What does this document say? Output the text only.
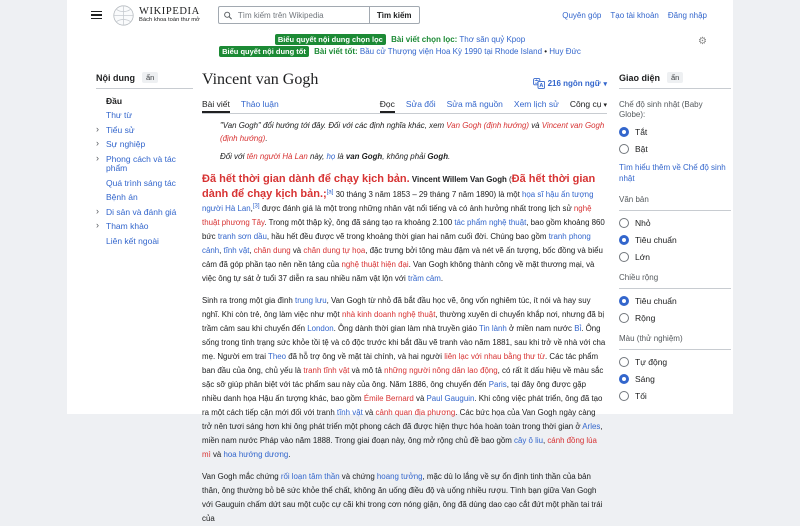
WIKIPEDIA
Bách khoa toàn thư mở
Tìm kiếm trên Wikipedia	Tìm kiếm	Quyên góp Tạo tài khoản Đăng nhập
Biểu quyết nội dung chọn lọc Bài viết chọn lọc: Thơ săn quỷ Kpop
Biểu quyết nội dung tốt Bài viết tốt: Bầu cử Thượng viện Hoa Kỳ 1990 tại Rhode Island • Huy Đức
⚙
Nội dung	ẩn
Đầu
Thư từ
› Tiểu sử
› Sự nghiệp
› Phong cách và tác phẩm
Quá trình sáng tác
Bệnh án
› Di sản và đánh giá
› Tham khảo
Liên kết ngoài
Vincent van Gogh	A 216 ngôn ngữ ▾
Bài viết Thảo luận	Đọc Sửa đổi Sửa mã nguồn Xem lịch sử Công cụ ▾
"Van Gogh" đổi hướng tới đây. Đối với các định nghĩa khác, xem Van Gogh (định hướng) và Vincent van Gogh (định hướng).
Đối với tên người Hà Lan này, họ là van Gogh, không phải Gogh.

Đã hết thời gian dành để chạy kịch bản. Vincent Willem Van Gogh (Đã hết thời gian dành để chạy kịch bản.;[a] 30 tháng 3 năm 1853 – 29 tháng 7 năm 1890) là một họa sĩ hậu ấn tượng người Hà Lan,[3] được đánh giá là một trong những nhân vật nổi tiếng và có ảnh hưởng nhất trong lịch sử nghệ thuật phương Tây. Trong một thập kỷ, ông đã sáng tạo ra khoảng 2.100 tác phẩm nghệ thuật, bao gồm khoảng 860 bức tranh sơn dầu, hầu hết đều được vẽ trong khoảng thời gian hai năm cuối đời. Chúng bao gồm tranh phong cảnh, tĩnh vật, chân dung và chân dung tự họa, đặc trưng bởi tông màu đậm và nét vẽ ấn tượng, bốc đồng và biểu cảm đã góp phần tạo nên nền tảng của nghệ thuật hiện đại. Van Gogh không thành công về mặt thương mại, và việc ông tự sát ở tuổi 37 diễn ra sau nhiều năm vật lộn với trầm cảm.

Sinh ra trong một gia đình trung lưu, Van Gogh từ nhỏ đã bắt đầu học vẽ, ông vốn nghiêm túc, ít nói và hay suy nghĩ. Khi còn trẻ, ông làm việc như một nhà kinh doanh nghệ thuật, thường xuyên di chuyển khắp nơi, nhưng đã bị trầm cảm sau khi chuyển đến London. Ông dành thời gian làm nhà truyền giáo Tin lành ở miền nam nước Bỉ. Ông sống trong tình trạng sức khỏe tồi tệ và cô độc trước khi bắt đầu vẽ tranh vào năm 1881, sau khi trở về nhà với cha mẹ. Người em trai Theo đã hỗ trợ ông về mặt tài chính, và hai người liên lạc với nhau bằng thư từ. Các tác phẩm ban đầu của ông, chủ yếu là tranh tĩnh vật và mô tả những người nông dân lao động, có rất ít dấu hiệu về màu sắc sặc sỡ giúp phân biệt với tác phẩm sau này của ông. Năm 1886, ông chuyển đến Paris, tại đây ông được gặp nhiều danh họa Hậu ấn tượng khác, bao gồm Émile Bernard và Paul Gauguin. Khi công việc phát triển, ông đã tạo ra một cách tiếp cận mới đối với tranh tĩnh vật và cảnh quan địa phương. Các bức họa của Van Gogh ngày càng trở nên tươi sáng hơn khi ông phát triển một phong cách đã được hiện thực hóa hoàn toàn trong thời gian ở Arles, miền nam nước Pháp vào năm 1888. Trong giai đoạn này, ông mở rộng chủ đề bao gồm cây ô liu, cánh đồng lúa mì và hoa hướng dương.

Van Gogh mắc chứng rối loạn tâm thần và chứng hoang tưởng, mặc dù lo lắng về sự ổn định tinh thần của bản thân, ông thường bỏ bê sức khỏe thể chất, không ăn uống điều độ và uống nhiều rượu. Tình bạn giữa Van Gogh với Gauguin chấm dứt sau một cuộc cự cãi khi trong cơn nóng giận, ông đã dùng dao cạo cắt đứt một phần tai trái của

Giao diện	ẩn
Chế độ sinh nhật (Baby Globe):
Tắt
Bật
Tìm hiểu thêm về Chế độ sinh nhật
Văn bản
Nhỏ
Tiêu chuẩn
Lớn
Chiều rộng
Tiêu chuẩn
Rộng
Màu (thử nghiệm)
Tự động
Sáng
Tối
